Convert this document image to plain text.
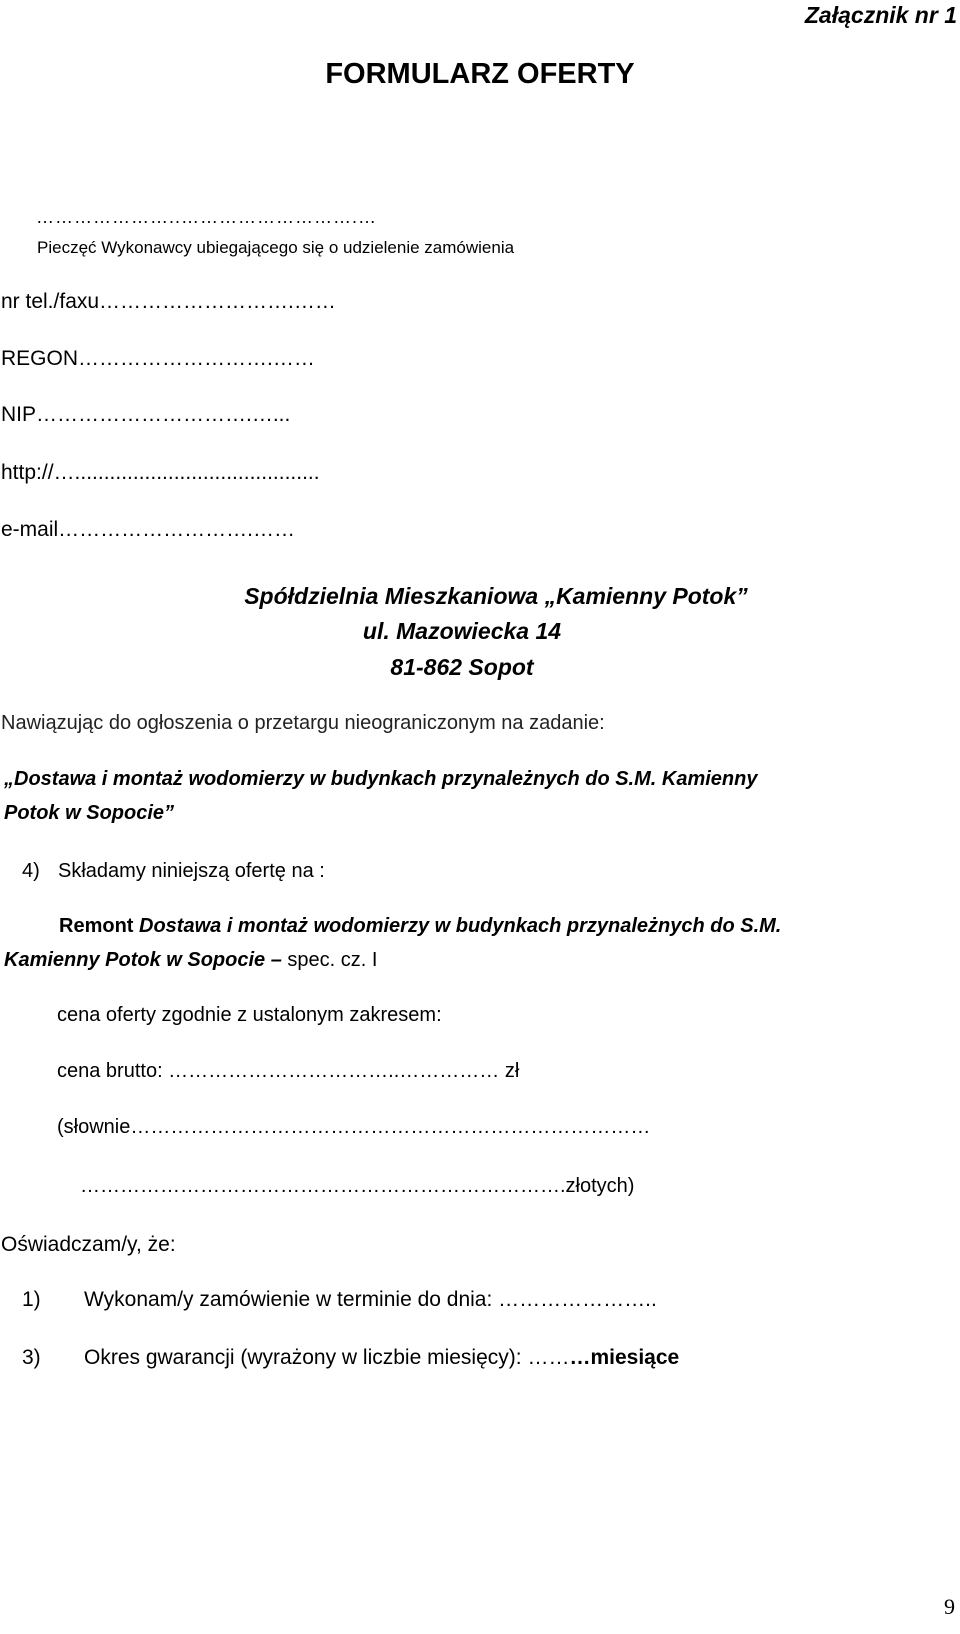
Załącznik nr 1
FORMULARZ OFERTY
…………………..……………………….…
Pieczęć Wykonawcy ubiegającego się o udzielenie zamówienia
nr tel./faxu……………………….……
REGON……………………….……
NIP………………………….…...
http://…..........................................
e-mail……………………….……
Spółdzielnia Mieszkaniowa „Kamienny Potok”
ul. Mazowiecka 14
81-862 Sopot
Nawiązując do ogłoszenia o przetargu nieograniczonym na zadanie:
„Dostawa i montaż wodomierzy w budynkach przynależnych do S.M. Kamienny
Potok w Sopocie”
4) Składamy niniejszą ofertę na :
Remont Dostawa i montaż wodomierzy w budynkach przynależnych do S.M.
Kamienny Potok w Sopocie – spec. cz. I
cena oferty zgodnie z ustalonym zakresem:
cena brutto: ……………………………..…………… zł
(słownie……………………………………………………………………
……………………………………………………………….złotych)
Oświadczam/y, że:
1) Wykonam/y zamówienie w terminie do dnia: …………………..
3) Okres gwarancji (wyrażony w liczbie miesięcy): ………miesiące
9
